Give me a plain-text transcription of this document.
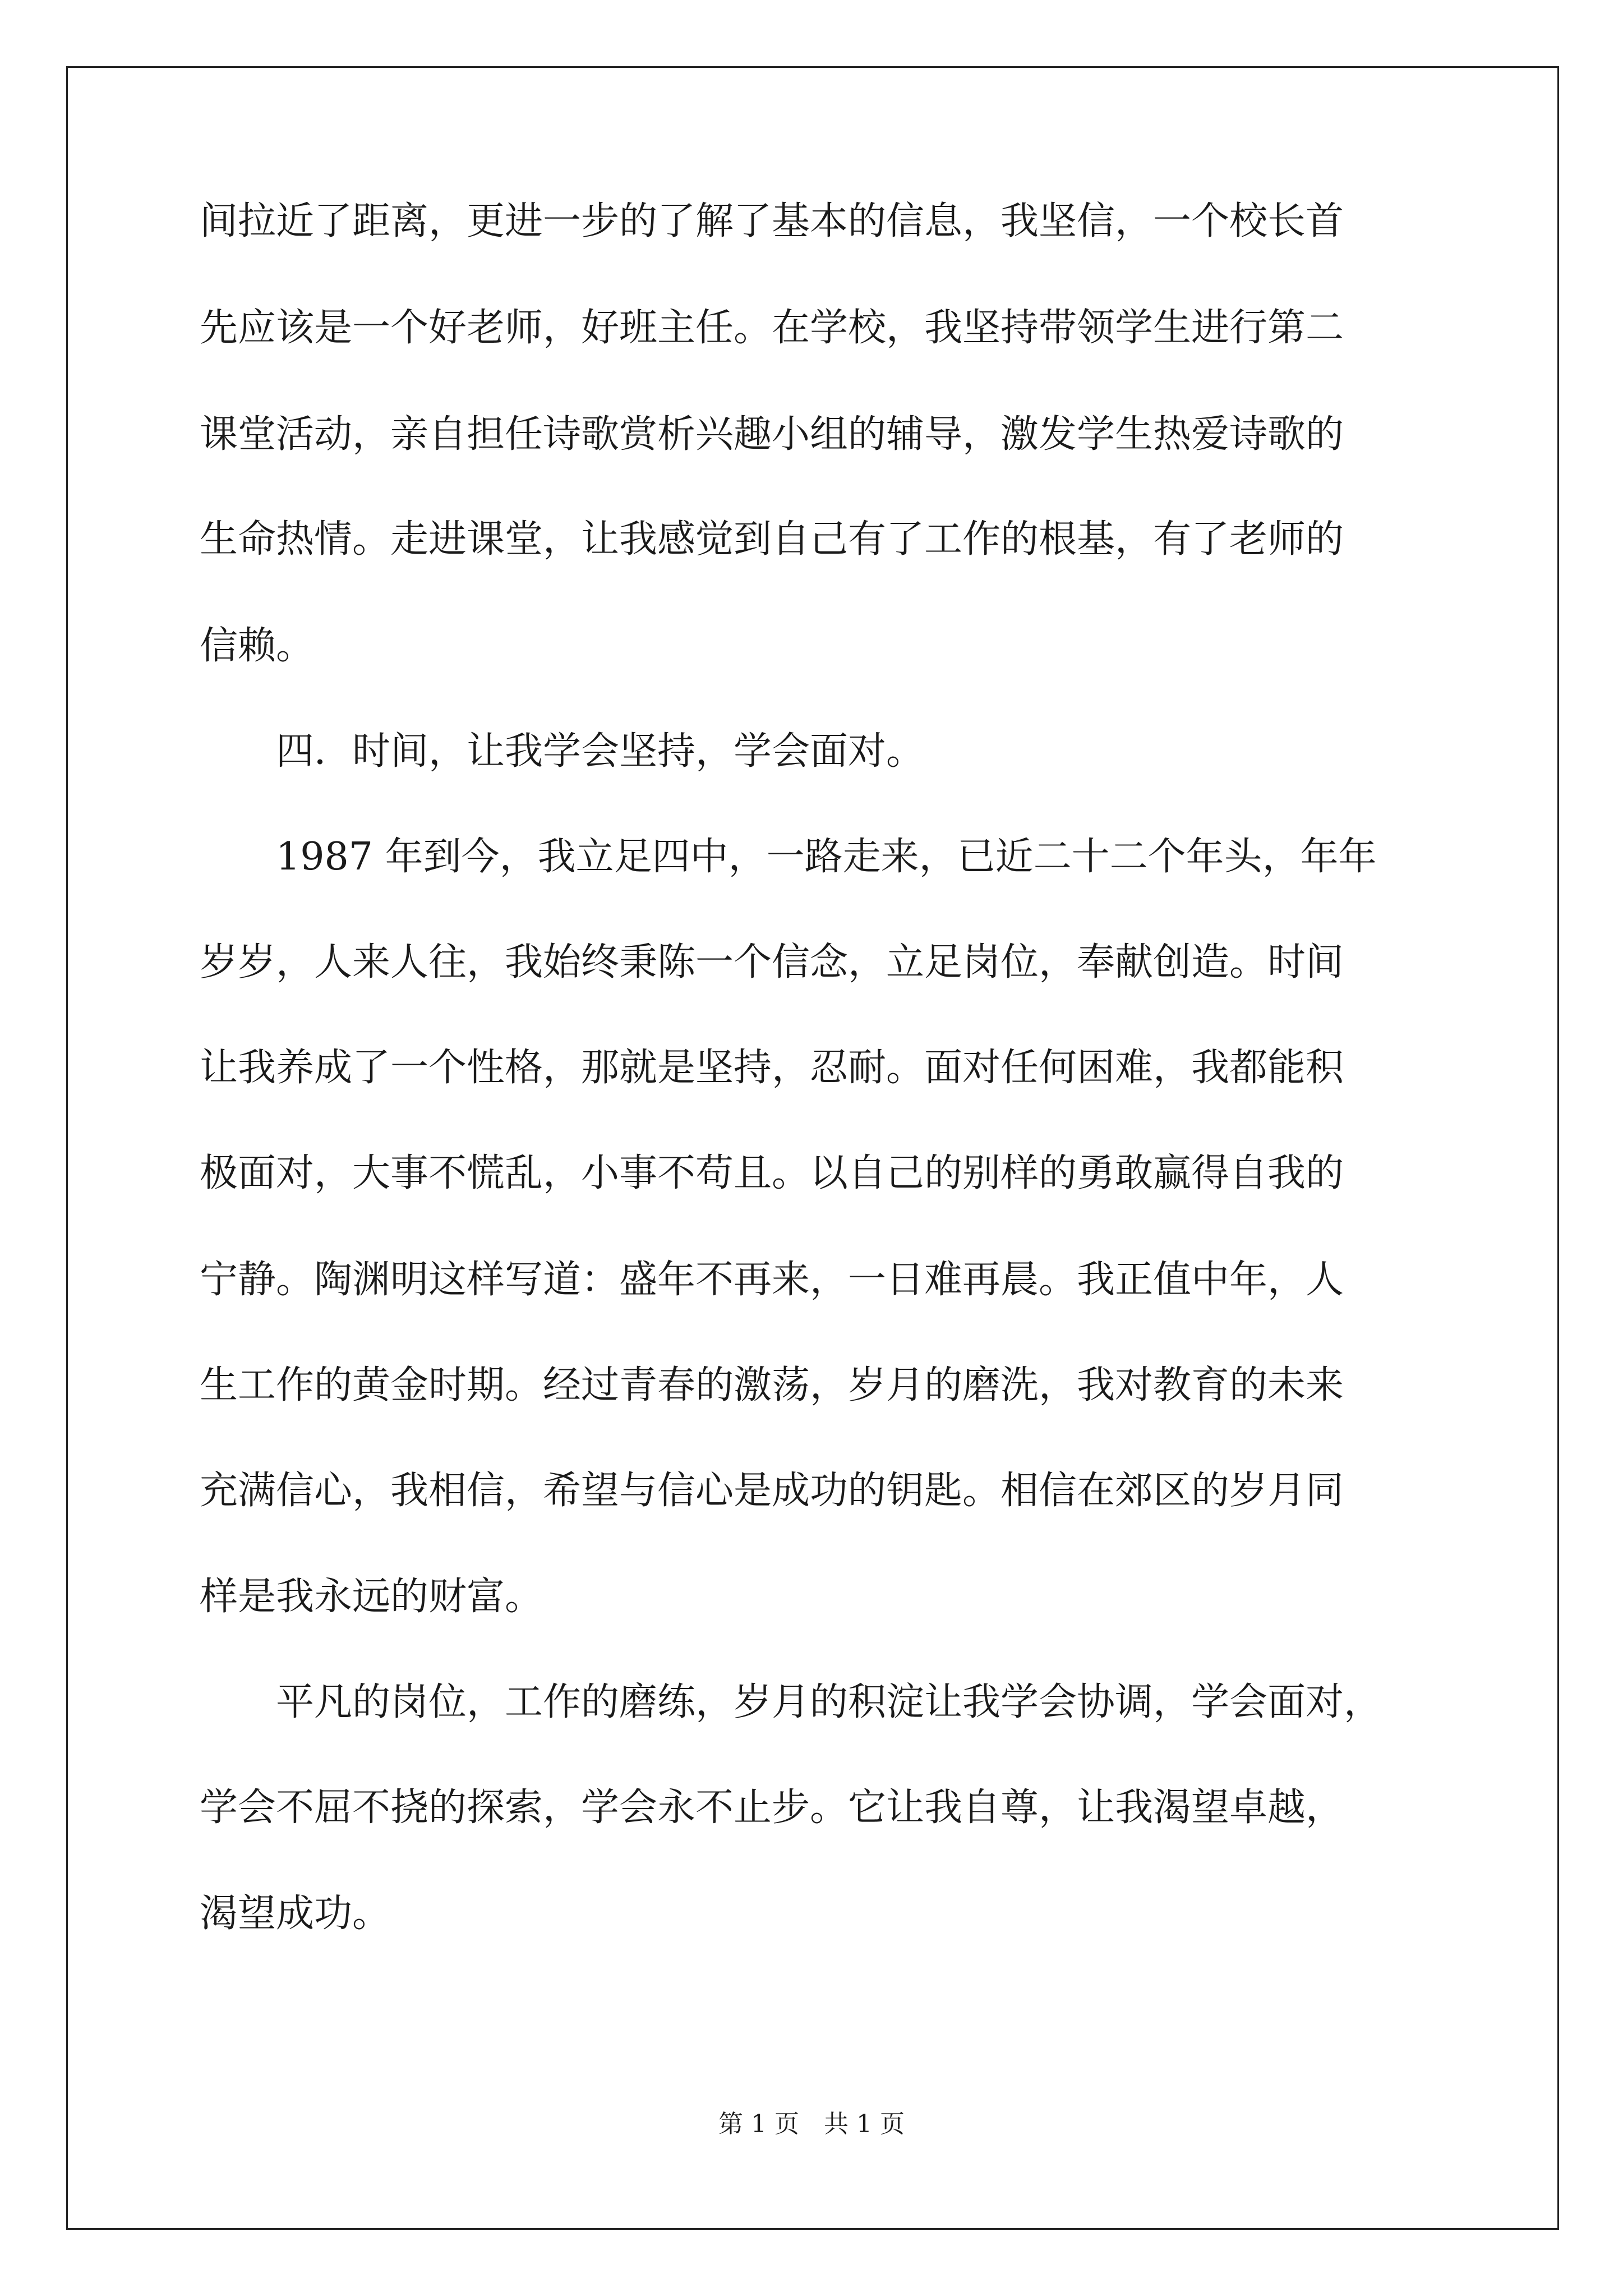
间拉近了距离，更进一步的了解了基本的信息，我坚信，一个校长首
先应该是一个好老师，好班主任。在学校，我坚持带领学生进行第二
课堂活动，亲自担任诗歌赏析兴趣小组的辅导，激发学生热爱诗歌的
生命热情。走进课堂，让我感觉到自己有了工作的根基，有了老师的
信赖。
　　四．时间，让我学会坚持，学会面对。
　　1987 年到今，我立足四中，一路走来，已近二十二个年头，年年
岁岁，人来人往，我始终秉陈一个信念，立足岗位，奉献创造。时间
让我养成了一个性格，那就是坚持，忍耐。面对任何困难，我都能积
极面对，大事不慌乱，小事不苟且。以自己的别样的勇敢赢得自我的
宁静。陶渊明这样写道：盛年不再来，一日难再晨。我正值中年，人
生工作的黄金时期。经过青春的激荡，岁月的磨洗，我对教育的未来
充满信心，我相信，希望与信心是成功的钥匙。相信在郊区的岁月同
样是我永远的财富。
　　平凡的岗位，工作的磨练，岁月的积淀让我学会协调，学会面对，
学会不屈不挠的探索，学会永不止步。它让我自尊，让我渴望卓越，
渴望成功。
第 1 页　共 1 页
